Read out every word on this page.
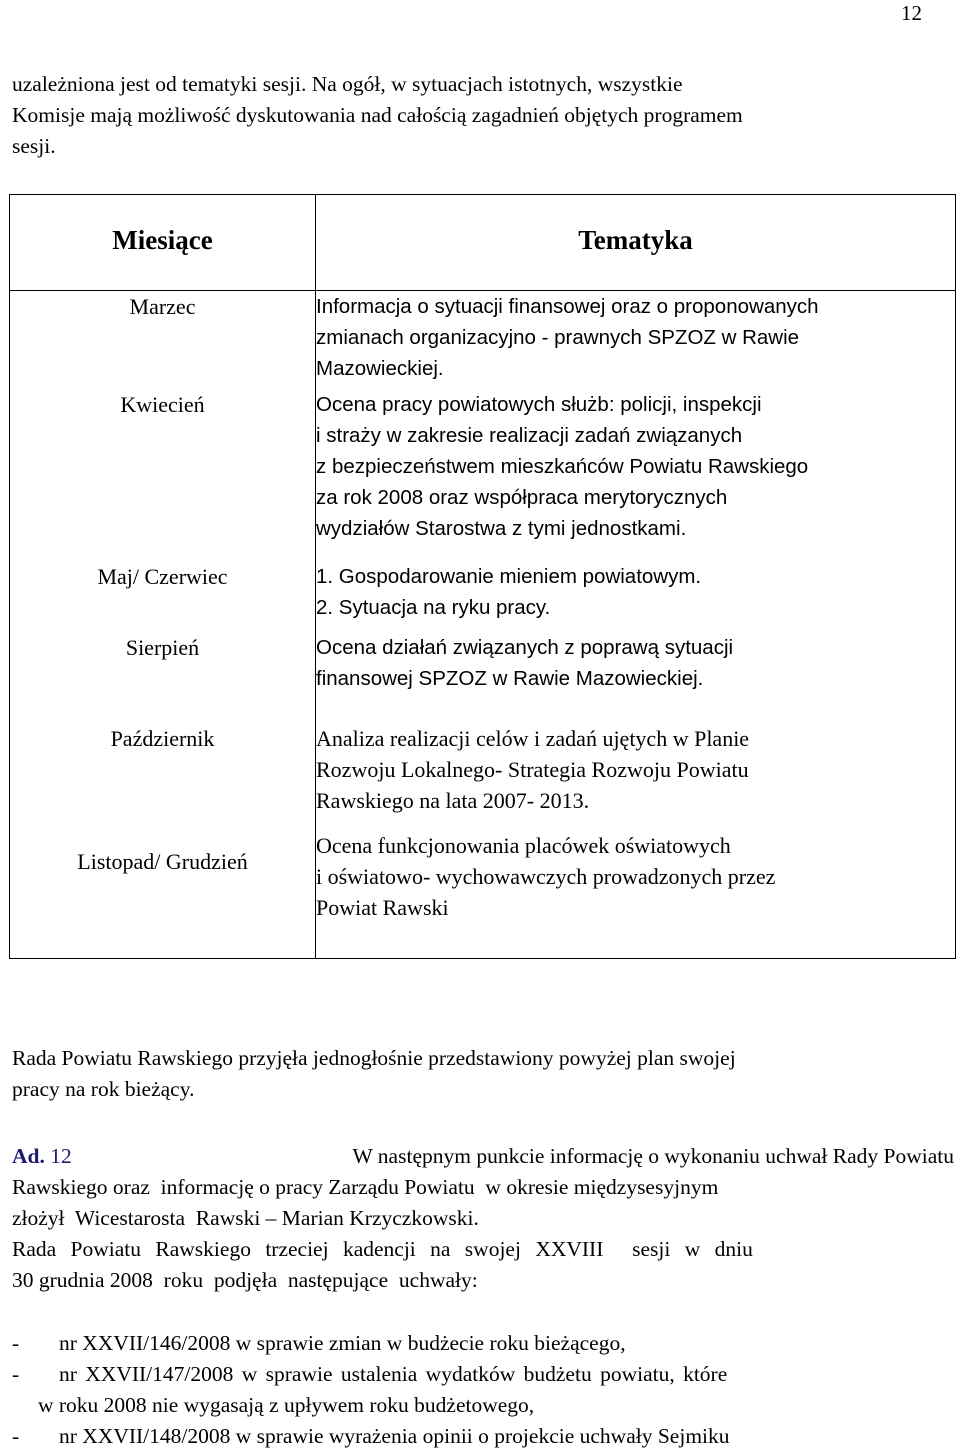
12
uzależniona jest od tematyki sesji. Na ogół, w sytuacjach istotnych, wszystkie
Komisje mają możliwość dyskutowania nad całością zagadnień objętych programem
sesji.
Miesiące	Tematyka
Marzec	Informacja o sytuacji finansowej oraz o proponowanych
zmianach organizacyjno - prawnych SPZOZ w Rawie
Mazowieckiej.

Kwiecień	Ocena pracy powiatowych służb: policji, inspekcji
i straży w zakresie realizacji zadań związanych
z bezpieczeństwem mieszkańców Powiatu Rawskiego
za rok 2008 oraz współpraca merytorycznych
wydziałów Starostwa z tymi jednostkami.

Maj/ Czerwiec	1. Gospodarowanie mieniem powiatowym.
2. Sytuacja na ryku pracy.

Sierpień	Ocena działań związanych z poprawą sytuacji
finansowej SPZOZ w Rawie Mazowieckiej.

Październik	Analiza realizacji celów i zadań ujętych w Planie
Rozwoju Lokalnego- Strategia Rozwoju Powiatu
Rawskiego na lata 2007- 2013.

Listopad/ Grudzień	Ocena funkcjonowania placówek oświatowych
i oświatowo- wychowawczych prowadzonych przez
Powiat Rawski
Rada Powiatu Rawskiego przyjęła jednogłośnie przedstawiony powyżej plan swojej
pracy na rok bieżący.
Ad. 12	W następnym punkcie informację o wykonaniu uchwał Rady Powiatu
Rawskiego oraz  informację o pracy Zarządu Powiatu  w okresie międzysesyjnym
złożył  Wicestarosta  Rawski – Marian Krzyczkowski.
Rada Powiatu Rawskiego trzeciej kadencji na swojej XXVIII  sesji w dniu
30 grudnia 2008  roku  podjęła  następujące  uchwały:
-	nr XXVII/146/2008 w sprawie zmian w budżecie roku bieżącego,
-	nr XXVII/147/2008 w sprawie ustalenia wydatków budżetu powiatu, które
w roku 2008 nie wygasają z upływem roku budżetowego,
-	nr XXVII/148/2008 w sprawie wyrażenia opinii o projekcie uchwały Sejmiku
